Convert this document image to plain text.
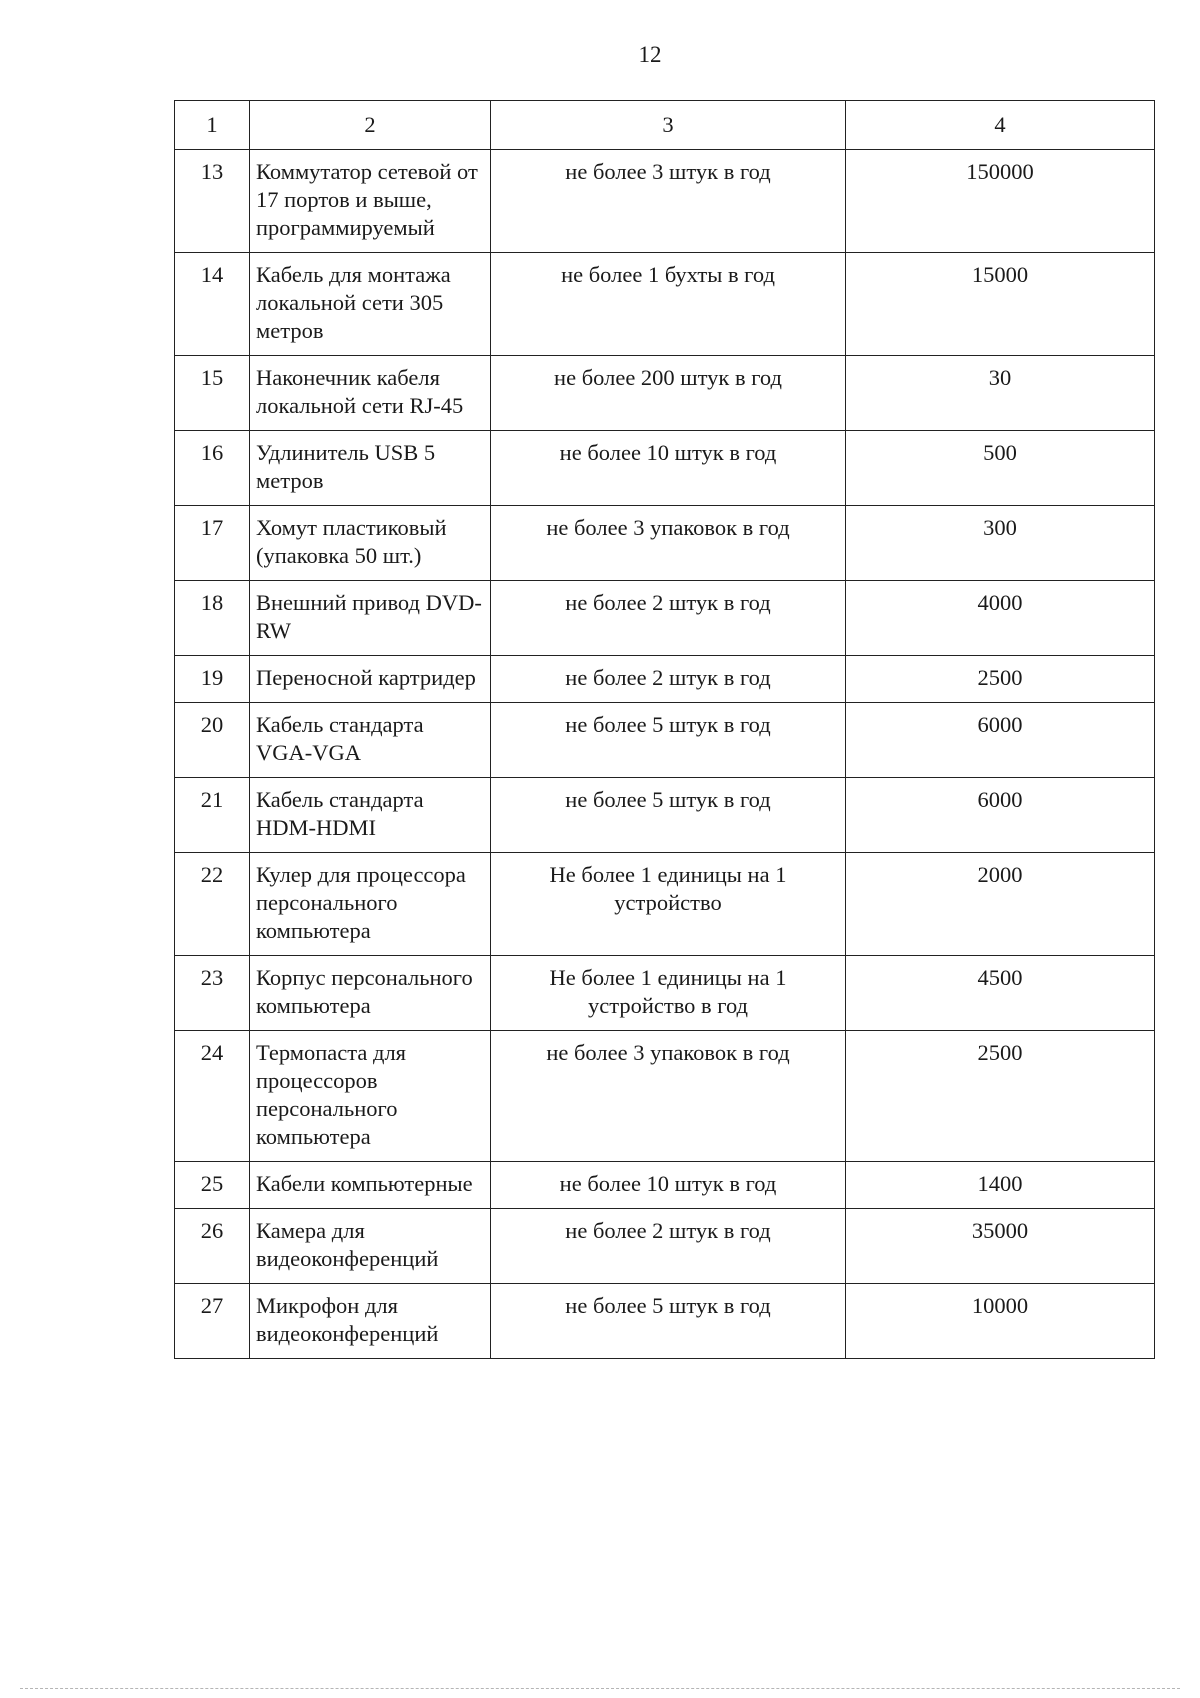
12
1	2	3	4
13	Коммутатор сетевой от 17 портов и выше, программируемый	не более 3 штук в год	150000
14	Кабель для монтажа локальной сети 305 метров	не более 1 бухты в год	15000
15	Наконечник кабеля локальной сети RJ-45	не более 200 штук в год	30
16	Удлинитель USB 5 метров	не более 10 штук в год	500
17	Хомут пластиковый (упаковка 50 шт.)	не более 3 упаковок в год	300
18	Внешний привод DVD-RW	не более 2 штук в год	4000
19	Переносной картридер	не более 2 штук в год	2500
20	Кабель стандарта VGA-VGA	не более 5 штук в год	6000
21	Кабель стандарта HDM-HDMI	не более 5 штук в год	6000
22	Кулер для процессора персонального компьютера	Не более 1 единицы на 1 устройство	2000
23	Корпус персонального компьютера	Не более 1 единицы на 1 устройство в год	4500
24	Термопаста для процессоров персонального компьютера	не более 3 упаковок в год	2500
25	Кабели компьютерные	не более 10 штук в год	1400
26	Камера для видеоконференций	не более 2 штук в год	35000
27	Микрофон для видеоконференций	не более 5 штук в год	10000
